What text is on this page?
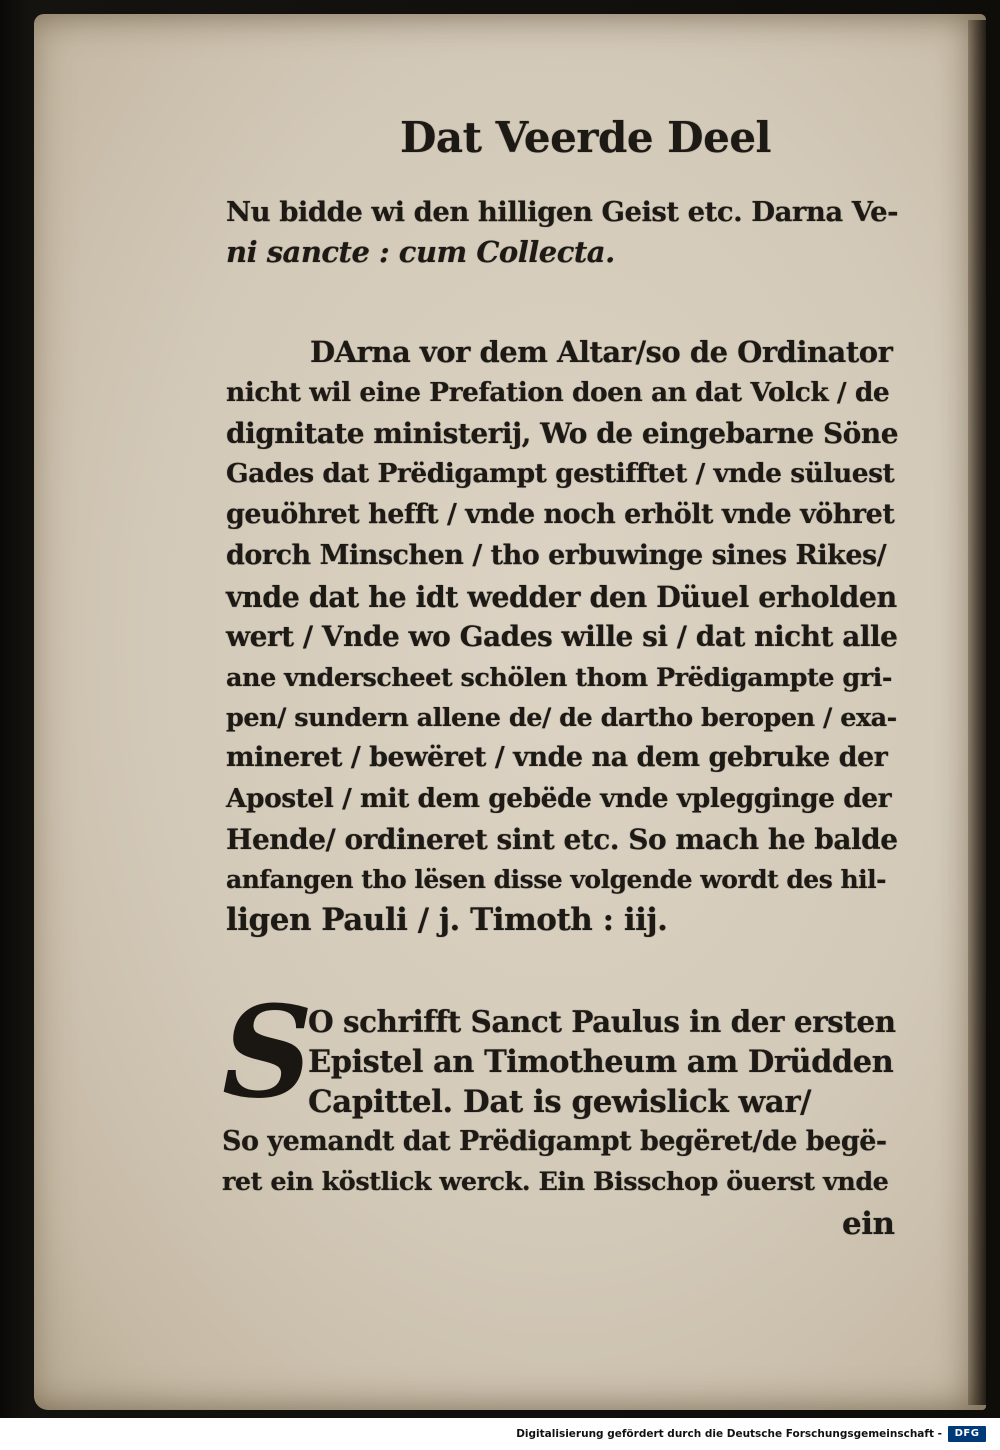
Dat Veerde Deel
Nu bidde wi den hilligen Geist etc. Darna Ve-
ni sancte : cum Collecta.
DArna vor dem Altar/so de Ordinator
nicht wil eine Prefation doen an dat Volck / de
dignitate ministerij, Wo de eingebarne Söne
Gades dat Prëdigampt gestifftet / vnde süluest
geuöhret hefft / vnde noch erhölt vnde vöhret
dorch Minschen / tho erbuwinge sines Rikes/
vnde dat he idt wedder den Düuel erholden
wert / Vnde wo Gades wille si / dat nicht alle
ane vnderscheet schölen thom Prëdigampte gri-
pen/ sundern allene de/ de dartho beropen / exa-
mineret / bewëret / vnde na dem gebruke der
Apostel / mit dem gebëde vnde vplegginge der
Hende/ ordineret sint etc. So mach he balde
anfangen tho lësen disse volgende wordt des hil-
ligen Pauli / j. Timoth : iij.
S
O schrifft Sanct Paulus in der ersten
Epistel an Timotheum am Drüdden
Capittel. Dat is gewislick war/
So yemandt dat Prëdigampt begëret/de begë-
ret ein köstlick werck. Ein Bisschop öuerst vnde
ein
Digitalisierung gefördert durch die Deutsche Forschungsgemeinschaft -	DFG
